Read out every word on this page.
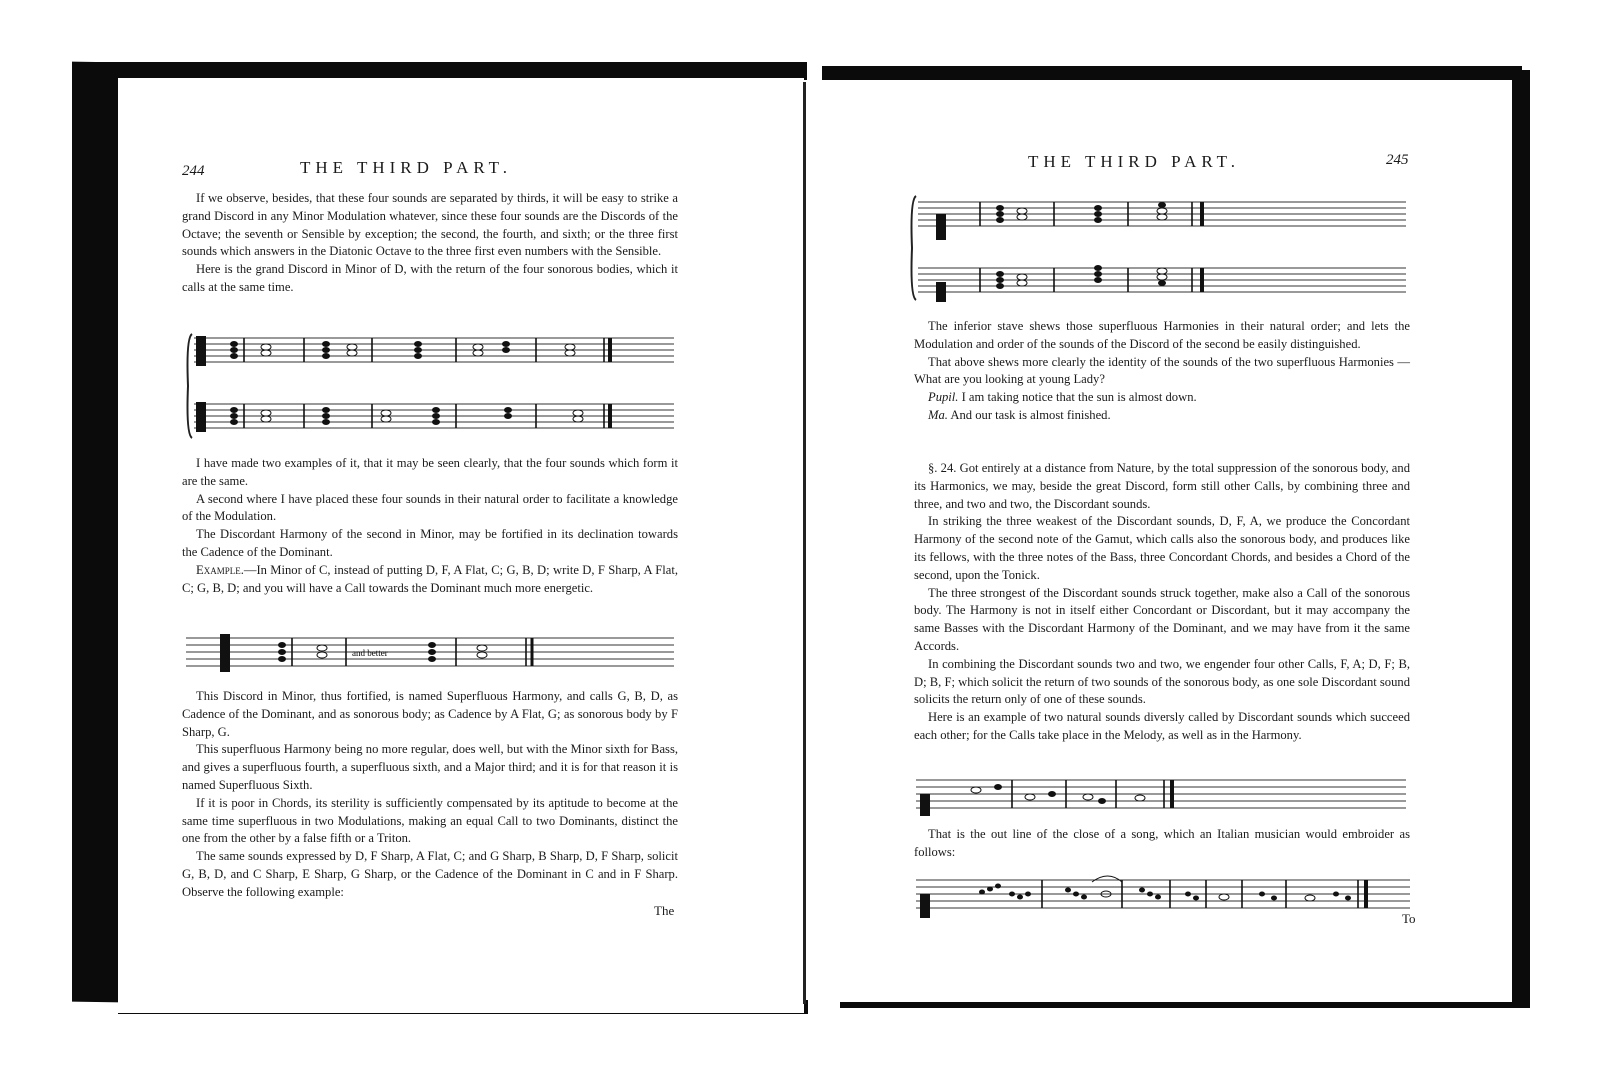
244	THE THIRD PART.

If we observe, besides, that these four sounds are separated by thirds, it will be easy to strike a grand Discord in any Minor Modulation whatever, since these four sounds are the Discords of the Octave; the seventh or Sensible by exception; the second, the fourth, and sixth; or the three first sounds which answers in the Diatonic Octave to the three first even numbers with the Sensible.

Here is the grand Discord in Minor of D, with the return of the four sonorous bodies, which it calls at the same time.

I have made two examples of it, that it may be seen clearly, that the four sounds which form it are the same.

A second where I have placed these four sounds in their natural order to facilitate a knowledge of the Modulation.

The Discordant Harmony of the second in Minor, may be fortified in its declination towards the Cadence of the Dominant.

Example.—In Minor of C, instead of putting D, F, A Flat, C; G, B, D; write D, F Sharp, A Flat, C; G, B, D; and you will have a Call towards the Dominant much more energetic.

and better

This Discord in Minor, thus fortified, is named Superfluous Harmony, and calls G, B, D, as Cadence of the Dominant, and as sonorous body; as Cadence by A Flat, G; as sonorous body by F Sharp, G.

This superfluous Harmony being no more regular, does well, but with the Minor sixth for Bass, and gives a superfluous fourth, a superfluous sixth, and a Major third; and it is for that reason it is named Superfluous Sixth.

If it is poor in Chords, its sterility is sufficiently compensated by its aptitude to become at the same time superfluous in two Modulations, making an equal Call to two Dominants, distinct the one from the other by a false fifth or a Triton.

The same sounds expressed by D, F Sharp, A Flat, C; and G Sharp, B Sharp, D, F Sharp, solicit G, B, D, and C Sharp, E Sharp, G Sharp, or the Cadence of the Dominant in C and in F Sharp. Observe the following example:

The
THE THIRD PART.	245

The inferior stave shews those superfluous Harmonies in their natural order; and lets the Modulation and order of the sounds of the Discord of the second be easily distinguished.

That above shews more clearly the identity of the sounds of the two superfluous Harmonies —What are you looking at young Lady?

Pupil. I am taking notice that the sun is almost down.

Ma. And our task is almost finished.

§. 24. Got entirely at a distance from Nature, by the total suppression of the sonorous body, and its Harmonics, we may, beside the great Discord, form still other Calls, by combining three and three, and two and two, the Discordant sounds.

In striking the three weakest of the Discordant sounds, D, F, A, we produce the Concordant Harmony of the second note of the Gamut, which calls also the sonorous body, and produces like its fellows, with the three notes of the Bass, three Concordant Chords, and besides a Chord of the second, upon the Tonick.

The three strongest of the Discordant sounds struck together, make also a Call of the sonorous body. The Harmony is not in itself either Concordant or Discordant, but it may accompany the same Basses with the Discordant Harmony of the Dominant, and we may have from it the same Accords.

In combining the Discordant sounds two and two, we engender four other Calls, F, A; D, F; B, D; B, F; which solicit the return of two sounds of the sonorous body, as one sole Discordant sound solicits the return only of one of these sounds.

Here is an example of two natural sounds diversly called by Discordant sounds which succeed each other; for the Calls take place in the Melody, as well as in the Harmony.

That is the out line of the close of a song, which an Italian musician would embroider as follows:

To
